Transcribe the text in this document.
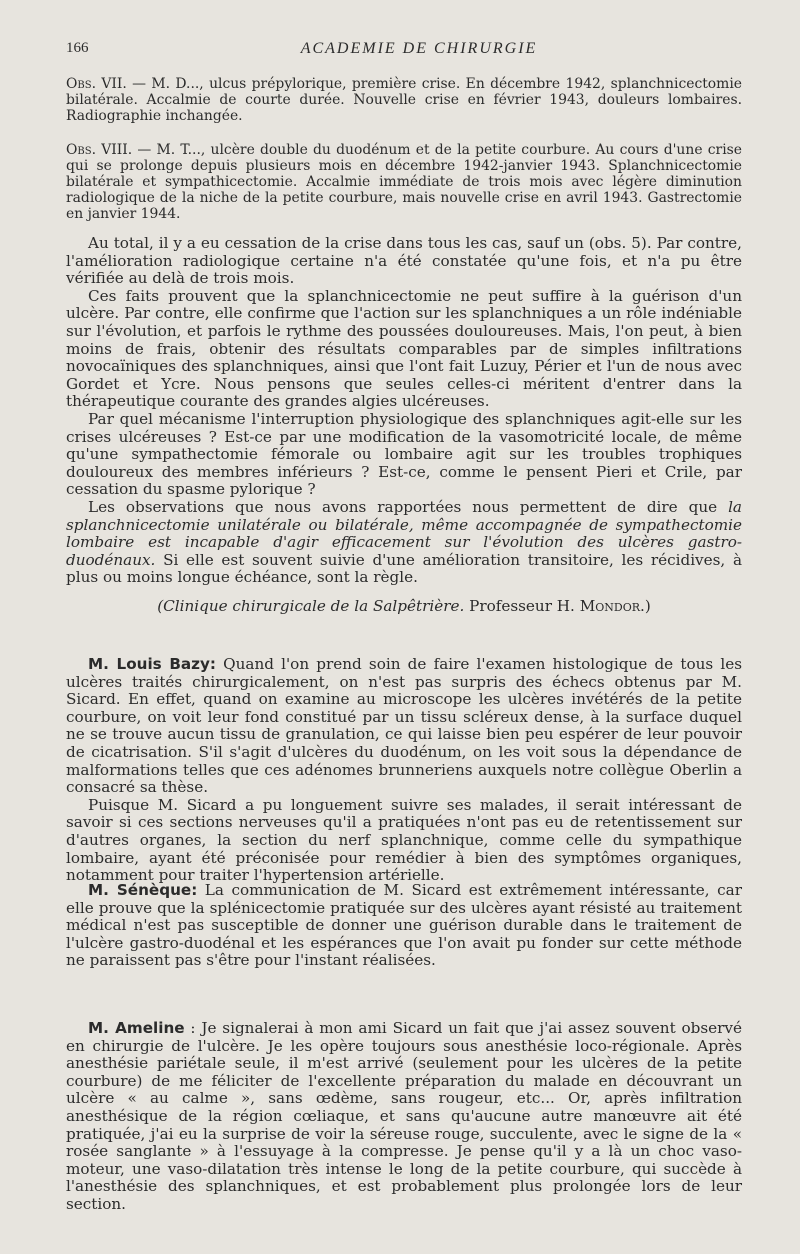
166	ACADEMIE DE CHIRURGIE

Obs. VII. — M. D..., ulcus prépylorique, première crise. En décembre 1942, splanchnicectomie bilatérale. Accalmie de courte durée. Nouvelle crise en février 1943, douleurs lombaires. Radiographie inchangée.

Obs. VIII. — M. T..., ulcère double du duodénum et de la petite courbure. Au cours d'une crise qui se prolonge depuis plusieurs mois en décembre 1942-janvier 1943. Splanchnicectomie bilatérale et sympathicectomie. Accalmie immédiate de trois mois avec légère diminution radiologique de la niche de la petite courbure, mais nouvelle crise en avril 1943. Gastrectomie en janvier 1944.

Au total, il y a eu cessation de la crise dans tous les cas, sauf un (obs. 5). Par contre, l'amélioration radiologique certaine n'a été constatée qu'une fois, et n'a pu être vérifiée au delà de trois mois.

Ces faits prouvent que la splanchnicectomie ne peut suffire à la guérison d'un ulcère. Par contre, elle confirme que l'action sur les splanchniques a un rôle indéniable sur l'évolution, et parfois le rythme des poussées douloureuses. Mais, l'on peut, à bien moins de frais, obtenir des résultats comparables par de simples infiltrations novocaïniques des splanchniques, ainsi que l'ont fait Luzuy, Périer et l'un de nous avec Gordet et Ycre. Nous pensons que seules celles-ci méritent d'entrer dans la thérapeutique courante des grandes algies ulcéreuses.

Par quel mécanisme l'interruption physiologique des splanchniques agit-elle sur les crises ulcéreuses ? Est-ce par une modification de la vasomotricité locale, de même qu'une sympathectomie fémorale ou lombaire agit sur les troubles trophiques douloureux des membres inférieurs ? Est-ce, comme le pensent Pieri et Crile, par cessation du spasme pylorique ?

Les observations que nous avons rapportées nous permettent de dire que la splanchnicectomie unilatérale ou bilatérale, même accompagnée de sympathectomie lombaire est incapable d'agir efficacement sur l'évolution des ulcères gastro-duodénaux. Si elle est souvent suivie d'une amélioration transitoire, les récidives, à plus ou moins longue échéance, sont la règle.

(Clinique chirurgicale de la Salpêtrière. Professeur H. Mondor.)

M. Louis Bazy: Quand l'on prend soin de faire l'examen histologique de tous les ulcères traités chirurgicalement, on n'est pas surpris des échecs obtenus par M. Sicard. En effet, quand on examine au microscope les ulcères invétérés de la petite courbure, on voit leur fond constitué par un tissu scléreux dense, à la surface duquel ne se trouve aucun tissu de granulation, ce qui laisse bien peu espérer de leur pouvoir de cicatrisation. S'il s'agit d'ulcères du duodénum, on les voit sous la dépendance de malformations telles que ces adénomes brunneriens auxquels notre collègue Oberlin a consacré sa thèse.

Puisque M. Sicard a pu longuement suivre ses malades, il serait intéressant de savoir si ces sections nerveuses qu'il a pratiquées n'ont pas eu de retentissement sur d'autres organes, la section du nerf splanchnique, comme celle du sympathique lombaire, ayant été préconisée pour remédier à bien des symptômes organiques, notamment pour traiter l'hypertension artérielle.

M. Sénèque: La communication de M. Sicard est extrêmement intéressante, car elle prouve que la splénicectomie pratiquée sur des ulcères ayant résisté au traitement médical n'est pas susceptible de donner une guérison durable dans le traitement de l'ulcère gastro-duodénal et les espérances que l'on avait pu fonder sur cette méthode ne paraissent pas s'être pour l'instant réalisées.

M. Ameline : Je signalerai à mon ami Sicard un fait que j'ai assez souvent observé en chirurgie de l'ulcère. Je les opère toujours sous anesthésie loco-régionale. Après anesthésie pariétale seule, il m'est arrivé (seulement pour les ulcères de la petite courbure) de me féliciter de l'excellente préparation du malade en découvrant un ulcère « au calme », sans œdème, sans rougeur, etc... Or, après infiltration anesthésique de la région cœliaque, et sans qu'aucune autre manœuvre ait été pratiquée, j'ai eu la surprise de voir la séreuse rouge, succulente, avec le signe de la « rosée sanglante » à l'essuyage à la compresse. Je pense qu'il y a là un choc vaso-moteur, une vaso-dilatation très intense le long de la petite courbure, qui succède à l'anesthésie des splanchniques, et est probablement plus prolongée lors de leur section.
